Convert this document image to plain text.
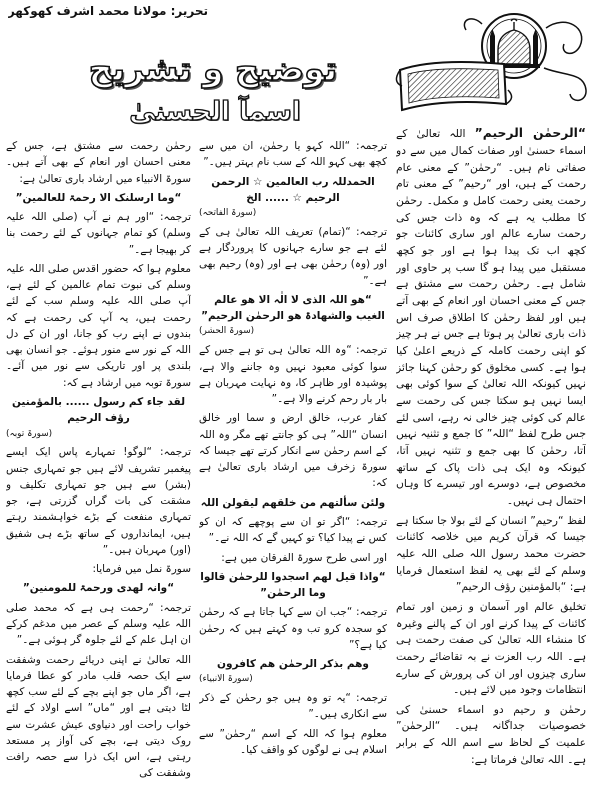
تحریر: مولانا محمد اشرف کھوکھر
توضیح و تشریح
اسمآ الحسنیٰ

“الرحمٰن الرحیم” اللہ تعالیٰ کے اسماء حسنیٰ اور صفات کمال میں سے دو صفاتی نام ہیں۔ “رحمٰن” کے معنی عام رحمت کے ہیں، اور “رحیم” کے معنی تام رحمت یعنی رحمت کامل و مکمل۔ رحمٰن کا مطلب یہ ہے کہ وہ ذات جس کی رحمت سارے عالم اور ساری کائنات جو کچھ اب تک پیدا ہوا ہے اور جو کچھ مستقبل میں پیدا ہو گا سب پر حاوی اور شامل ہے۔ رحمٰن رحمت سے مشتق ہے جس کے معنی احسان اور انعام کے بھی آتے ہیں اور لفظ رحمٰن کا اطلاق صرف اس ذات باری تعالیٰ پر ہوتا ہے جس نے ہر چیز کو اپنی رحمت کاملہ کے ذریعے اعلیٰ کیا ہوا ہے۔ کسی مخلوق کو رحمٰن کہنا جائز نہیں کیونکہ اللہ تعالیٰ کے سوا کوئی بھی ایسا نہیں ہو سکتا جس کی رحمت سے عالم کی کوئی چیز خالی نہ رہے، اسی لئے جس طرح لفظ “اللہ” کا جمع و تثنیہ نہیں آتا، رحمٰن کا بھی جمع و تثنیہ نہیں آتا، کیونکہ وہ ایک ہی ذات پاک کے ساتھ مخصوص ہے، دوسرے اور تیسرے کا وہاں احتمال ہی نہیں۔

لفظ “رحیم” انسان کے لئے بولا جا سکتا ہے جیسا کہ قرآن کریم میں خلاصہ کائنات حضرت محمد رسول اللہ صلی اللہ علیہ وسلم کے لئے بھی یہ لفظ استعمال فرمایا ہے: “بالمؤمنین رؤف الرحیم”

تخلیق عالم اور آسمان و زمین اور تمام کائنات کے پیدا کرنے اور ان کے پالنے وغیرہ کا منشاء اللہ تعالیٰ کی صفت رحمت ہی ہے۔ اللہ رب العزت نے بہ تقاضائے رحمت ساری چیزوں اور ان کی پرورش کے سارے انتظامات وجود میں لائے ہیں۔

رحمٰن و رحیم دو اسماء حسنیٰ کی خصوصیات جداگانہ ہیں۔ “الرحمٰن” علمیت کے لحاظ سے اسم اللہ کے برابر ہے۔ اللہ تعالیٰ فرماتا ہے:

ترجمہ: “اللہ کہو یا رحمٰن، ان میں سے کچھ بھی کہو اللہ کے سب نام بہتر ہیں۔”

الحمدللہ رب العالمین ☆ الرحمن الرحیم ☆ ...... الخ

(سورۃ الفاتحہ)

ترجمہ: “(تمام) تعریف اللہ تعالیٰ ہی کے لئے ہے جو سارے جہانوں کا پروردگار ہے اور (وہ) رحمٰن بھی ہے اور (وہ) رحیم بھی ہے۔”

“ھو اللہ الذی لا الٰہ الا ھو عالم الغیب والشھادۃ ھو الرحمٰن الرحیم”

(سورۃ الحشر)

ترجمہ: “وہ اللہ تعالیٰ ہی تو ہے جس کے سوا کوئی معبود نہیں وہ جاننے والا ہے، پوشیدہ اور ظاہر کا، وہ نہایت مہربان ہے بار بار رحم کرنے والا ہے۔”

کفار عرب، خالق ارض و سما اور خالق انسان “اللہ” ہی کو جانتے تھے مگر وہ اللہ کے اسم رحمٰن سے انکار کرتے تھے جیسا کہ سورۃ زخرف میں ارشاد باری تعالیٰ ہے کہ:

ولئن سألتھم من خلقھم لیقولن اللہ

ترجمہ: “اگر تو ان سے پوچھے کہ ان کو کس نے پیدا کیا؟ تو کہیں گے کہ اللہ نے۔”

اور اسی طرح سورۃ الفرقان میں ہے:

“واذا قیل لھم اسجدوا للرحمٰن قالوا وما الرحمٰن”

ترجمہ: “جب ان سے کہا جاتا ہے کہ رحمٰن کو سجدہ کرو تب وہ کہتے ہیں کہ رحمٰن کیا ہے؟”

وھم بذکر الرحمٰن ھم کافرون

(سورۃ الانبیاء)

ترجمہ: “یہ تو وہ ہیں جو رحمٰن کے ذکر سے انکاری ہیں۔”

معلوم ہوا کہ اللہ کے اسم “رحمٰن” سے اسلام ہی نے لوگوں کو واقف کیا۔

رحمٰن رحمت سے مشتق ہے، جس کے معنی احسان اور انعام کے بھی آتے ہیں۔ سورۃ الانبیاء میں ارشاد باری تعالیٰ ہے:

“وما ارسلنک الا رحمۃ للعالمین”

ترجمہ: “اور ہم نے آپ (صلی اللہ علیہ وسلم) کو تمام جہانوں کے لئے رحمت بنا کر بھیجا ہے۔”

معلوم ہوا کہ حضور اقدس صلی اللہ علیہ وسلم کی نبوت تمام عالمین کے لئے ہے، آپ صلی اللہ علیہ وسلم سب کے لئے رحمت ہیں، یہ آپ کی رحمت ہے کہ بندوں نے اپنے رب کو جانا، اور ان کے دل اللہ کے نور سے منور ہوئے۔ جو انسان بھی بلندی پر اور تاریکی سے نور میں آئے۔ سورۃ توبہ میں ارشاد ہے کہ:

لقد جاء کم رسول ...... بالمؤمنین رؤف الرحیم

(سورۃ توبہ)

ترجمہ: “لوگو! تمہارے پاس ایک ایسے پیغمبر تشریف لائے ہیں جو تمہاری جنس (بشر) سے ہیں جو تمہاری تکلیف و مشقت کی بات گراں گزرتی ہے، جو تمہاری منفعت کے بڑے خواہشمند رہتے ہیں، ایمانداروں کے ساتھ بڑے ہی شفیق (اور) مہربان ہیں۔”

سورۃ نمل میں فرمایا:

“وانہ لھدی ورحمۃ للمومنین”

ترجمہ: “رحمت ہی ہے کہ محمد صلی اللہ علیہ وسلم کے عصر میں مدغم کرکے ان اہل علم کے لئے جلوہ گر ہوئی ہے۔”

اللہ تعالیٰ نے اپنی دریائے رحمت وشفقت سے ایک حصہ قلب مادر کو عطا فرمایا ہے، اگر ماں جو اپنے بچے کے لئے سب کچھ لٹا دیتی ہے اور “ماں” اسے اولاد کے لئے خواب راحت اور دنیاوی عیش عشرت سے روک دیتی ہے، بچے کی آواز پر مستعد رہتی ہے، اس ایک ذرا سے حصہ رافت وشفقت کی
